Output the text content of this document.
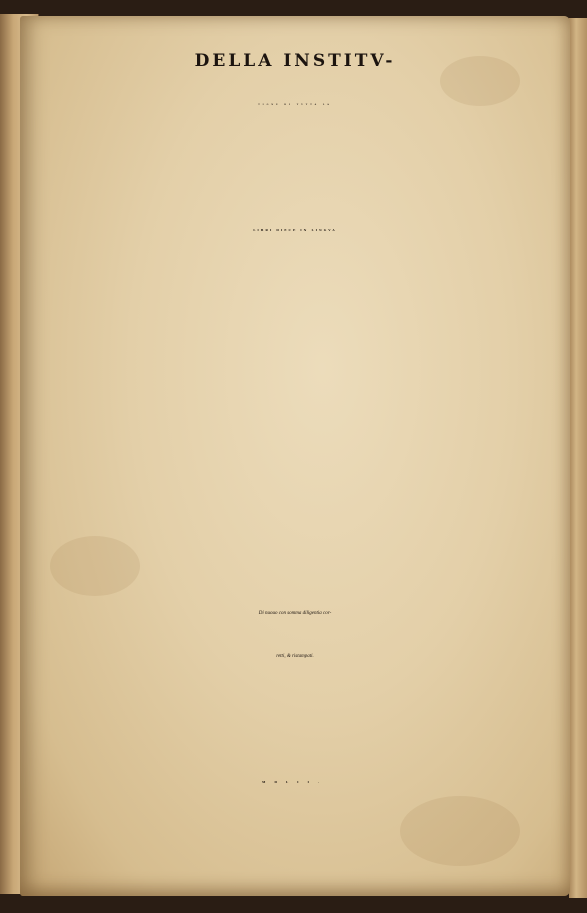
DELLA INSTITV-
TIONE DI TVTTA LA
LIBRI DIECE IN LINGVA
Di nuouo con somma diligentia cor-
retti, & ristampati.
MDLII.
